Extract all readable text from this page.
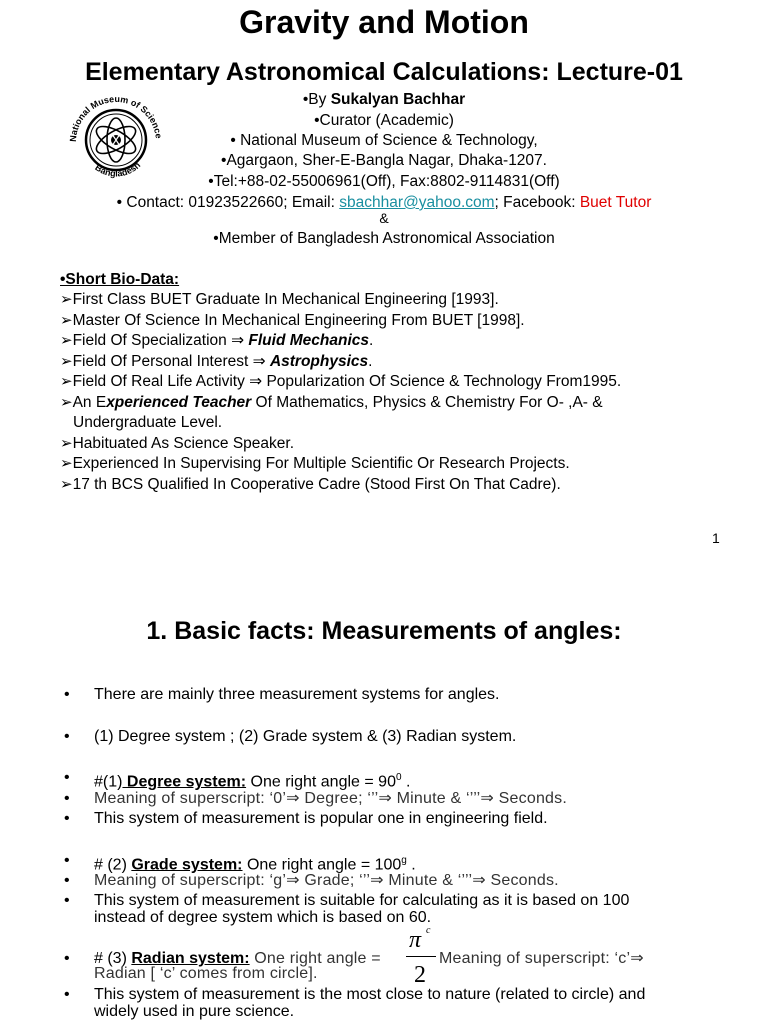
Gravity and Motion
Elementary Astronomical Calculations: Lecture-01
National Museum of Science
Bangladesh
•By Sukalyan Bachhar
•Curator (Academic)
• National Museum of Science & Technology,
•Agargaon, Sher-E-Bangla Nagar, Dhaka-1207.
•Tel:+88-02-55006961(Off), Fax:8802-9114831(Off)
• Contact: 01923522660; Email: sbachhar@yahoo.com; Facebook: Buet Tutor
&
•Member of Bangladesh Astronomical Association
•Short Bio-Data:
➢First Class BUET Graduate In Mechanical Engineering [1993].
➢Master Of Science In Mechanical Engineering From BUET [1998].
➢Field Of Specialization ⇒ Fluid Mechanics.
➢Field Of Personal Interest ⇒ Astrophysics.
➢Field Of Real Life Activity ⇒ Popularization Of Science & Technology From1995.
➢An Experienced Teacher Of Mathematics, Physics & Chemistry For O- ,A- &
Undergraduate Level.
➢Habituated As Science Speaker.
➢Experienced In Supervising For Multiple Scientific Or Research Projects.
➢17 th BCS Qualified In Cooperative Cadre (Stood First On That Cadre).
1
1. Basic facts: Measurements of angles:
• There are mainly three measurement systems for angles.
• (1) Degree system ; (2) Grade system & (3) Radian system.
• #(1) Degree system: One right angle = $90^0$ .
• Meaning of superscript: ‘0’⇒ Degree; ‘’’⇒ Minute & ‘’’’⇒ Seconds.
• This system of measurement is popular one in engineering field.
• # (2) Grade system: One right angle = $100^g$ .
• Meaning of superscript: ‘g’⇒ Grade; ‘’’⇒ Minute & ‘’’’⇒ Seconds.
• This system of measurement is suitable for calculating as it is based on 100
instead of degree system which is based on 60.
• # (3) Radian system: One right angle =
π c
2
Meaning of superscript: ‘c’⇒
Radian [ ‘c’ comes from circle].
• This system of measurement is the most close to nature (related to circle) and
widely used in pure science.
